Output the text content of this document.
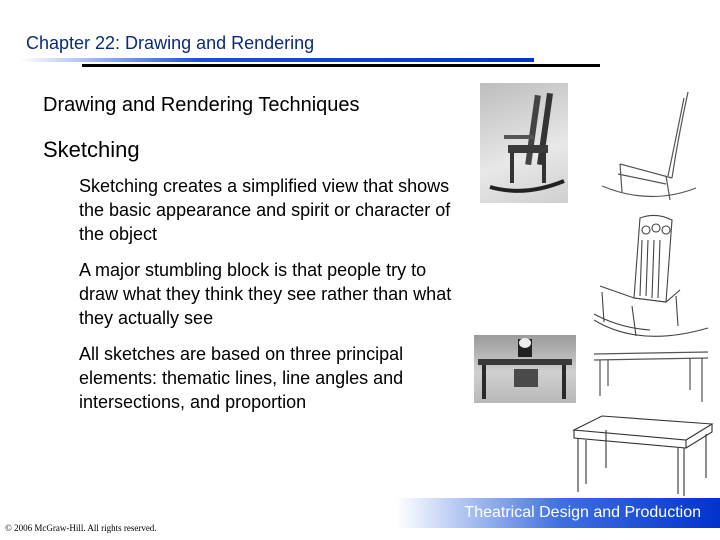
Chapter 22: Drawing and Rendering
Drawing and Rendering Techniques
Sketching
Sketching creates a simplified view that shows the basic appearance and spirit or character of the object
A major stumbling block is that people try to draw what they think they see rather than what they actually see
All sketches are based on three principal elements: thematic lines, line angles and intersections, and proportion
Theatrical Design and Production
© 2006 McGraw-Hill. All rights reserved.
